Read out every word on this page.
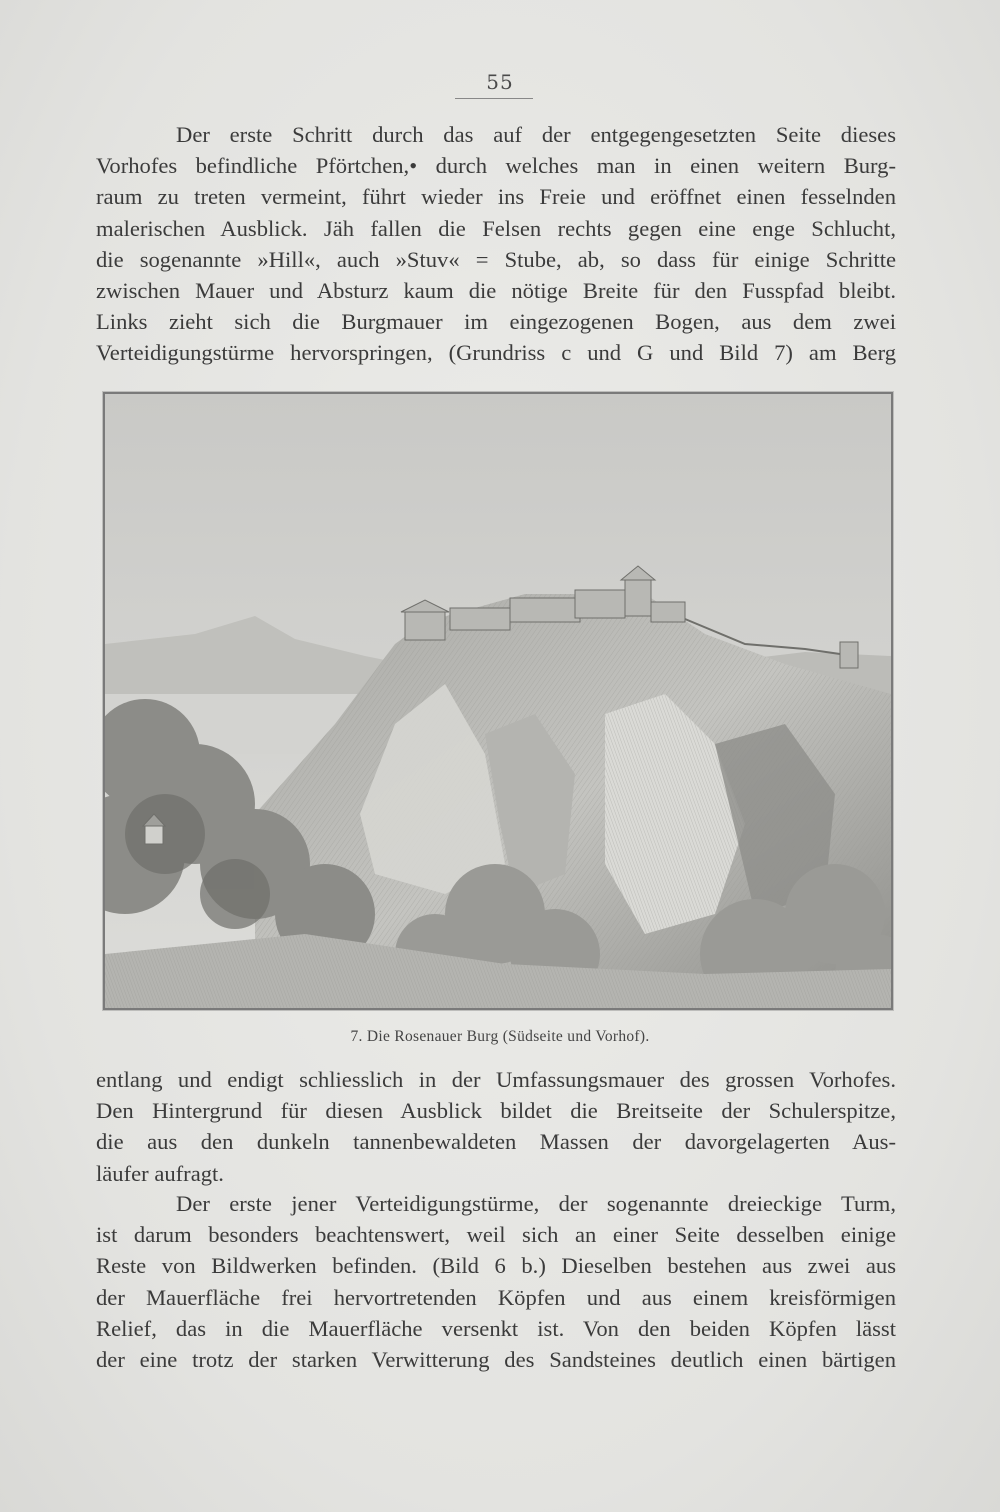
55
Der erste Schritt durch das auf der entgegengesetzten Seite dieses
Vorhofes befindliche Pförtchen,• durch welches man in einen weitern Burg-
raum zu treten vermeint, führt wieder ins Freie und eröffnet einen fesselnden
malerischen Ausblick. Jäh fallen die Felsen rechts gegen eine enge Schlucht,
die sogenannte »Hill«, auch »Stuv« = Stube, ab, so dass für einige Schritte
zwischen Mauer und Absturz kaum die nötige Breite für den Fusspfad bleibt.
Links zieht sich die Burgmauer im eingezogenen Bogen, aus dem zwei
Verteidigungstürme hervorspringen, (Grundriss c und G und Bild 7) am Berg
7. Die Rosenauer Burg (Südseite und Vorhof).
entlang und endigt schliesslich in der Umfassungsmauer des grossen Vorhofes.
Den Hintergrund für diesen Ausblick bildet die Breitseite der Schulerspitze,
die aus den dunkeln tannenbewaldeten Massen der davorgelagerten Aus-
läufer aufragt.
Der erste jener Verteidigungstürme, der sogenannte dreieckige Turm,
ist darum besonders beachtenswert, weil sich an einer Seite desselben einige
Reste von Bildwerken befinden. (Bild 6 b.) Dieselben bestehen aus zwei aus
der Mauerfläche frei hervortretenden Köpfen und aus einem kreisförmigen
Relief, das in die Mauerfläche versenkt ist. Von den beiden Köpfen lässt
der eine trotz der starken Verwitterung des Sandsteines deutlich einen bärtigen
